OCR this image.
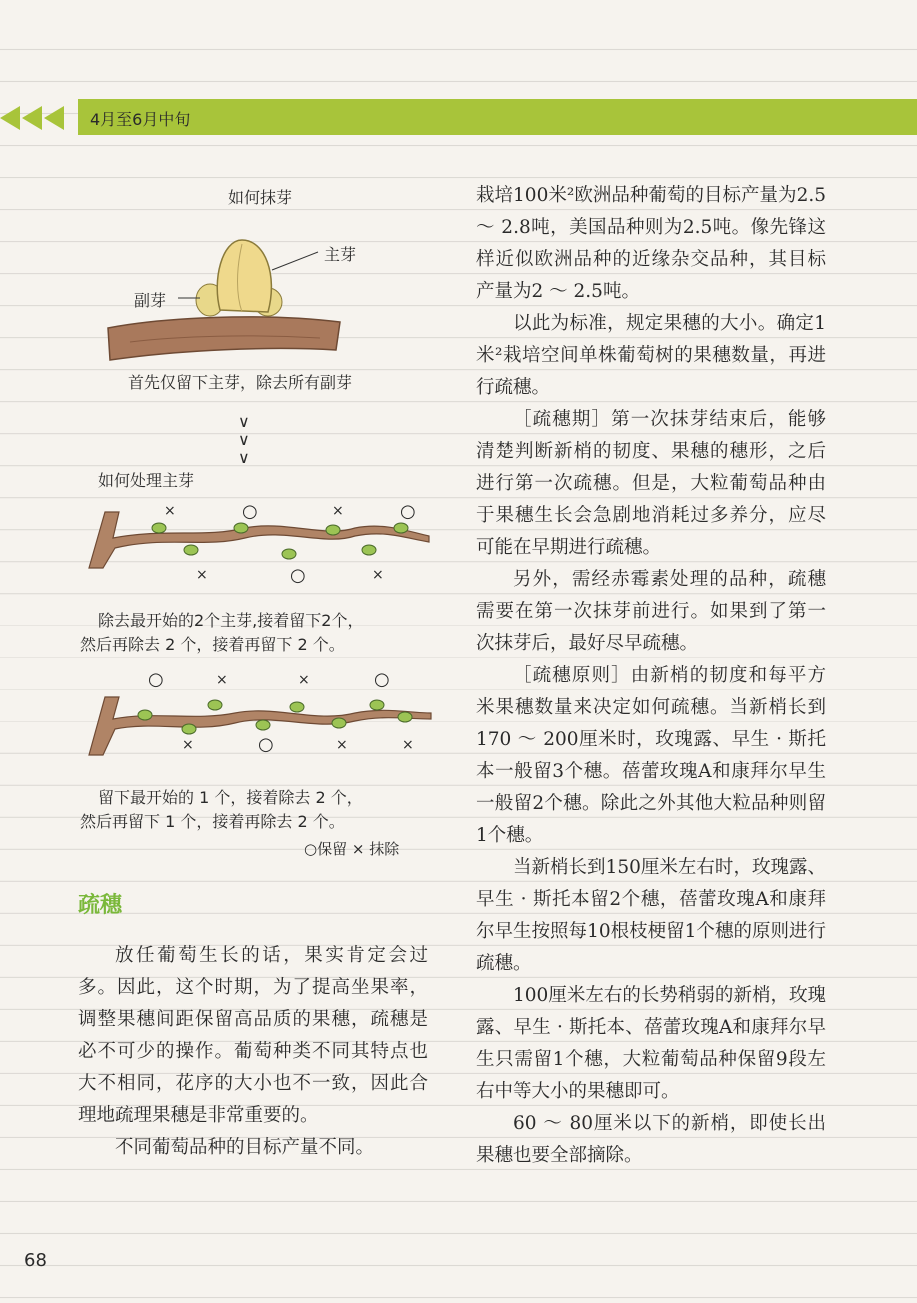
4月至6月中旬
如何抹芽
主芽
副芽
首先仅留下主芽，除去所有副芽
∨
∨
∨
如何处理主芽
×	○	×	○
×	○	×
除去最开始的2个主芽,接着留下2个，
然后再除去 2 个，接着再留下 2 个。
○	×	×	○
×	○	×	×
留下最开始的 1 个，接着除去 2 个，
然后再留下 1 个，接着再除去 2 个。
○保留 × 抹除
疏穗

放任葡萄生长的话，果实肯定会过多。因此，这个时期，为了提高坐果率，调整果穗间距保留高品质的果穗，疏穗是必不可少的操作。葡萄种类不同其特点也大不相同，花序的大小也不一致，因此合理地疏理果穗是非常重要的。

不同葡萄品种的目标产量不同。

栽培100米²欧洲品种葡萄的目标产量为2.5 ～ 2.8吨，美国品种则为2.5吨。像先锋这样近似欧洲品种的近缘杂交品种，其目标产量为2 ～ 2.5吨。

以此为标准，规定果穗的大小。确定1米²栽培空间单株葡萄树的果穗数量，再进行疏穗。

［疏穗期］第一次抹芽结束后，能够清楚判断新梢的韧度、果穗的穗形，之后进行第一次疏穗。但是，大粒葡萄品种由于果穗生长会急剧地消耗过多养分，应尽可能在早期进行疏穗。

另外，需经赤霉素处理的品种，疏穗需要在第一次抹芽前进行。如果到了第一次抹芽后，最好尽早疏穗。

［疏穗原则］由新梢的韧度和每平方米果穗数量来决定如何疏穗。当新梢长到170 ～ 200厘米时，玫瑰露、早生 · 斯托本一般留3个穗。蓓蕾玫瑰A和康拜尔早生一般留2个穗。除此之外其他大粒品种则留1个穗。

当新梢长到150厘米左右时，玫瑰露、早生 · 斯托本留2个穗，蓓蕾玫瑰A和康拜尔早生按照每10根枝梗留1个穗的原则进行疏穗。

100厘米左右的长势稍弱的新梢，玫瑰露、早生 · 斯托本、蓓蕾玫瑰A和康拜尔早生只需留1个穗，大粒葡萄品种保留9段左右中等大小的果穗即可。

60 ～ 80厘米以下的新梢，即使长出果穗也要全部摘除。

68
